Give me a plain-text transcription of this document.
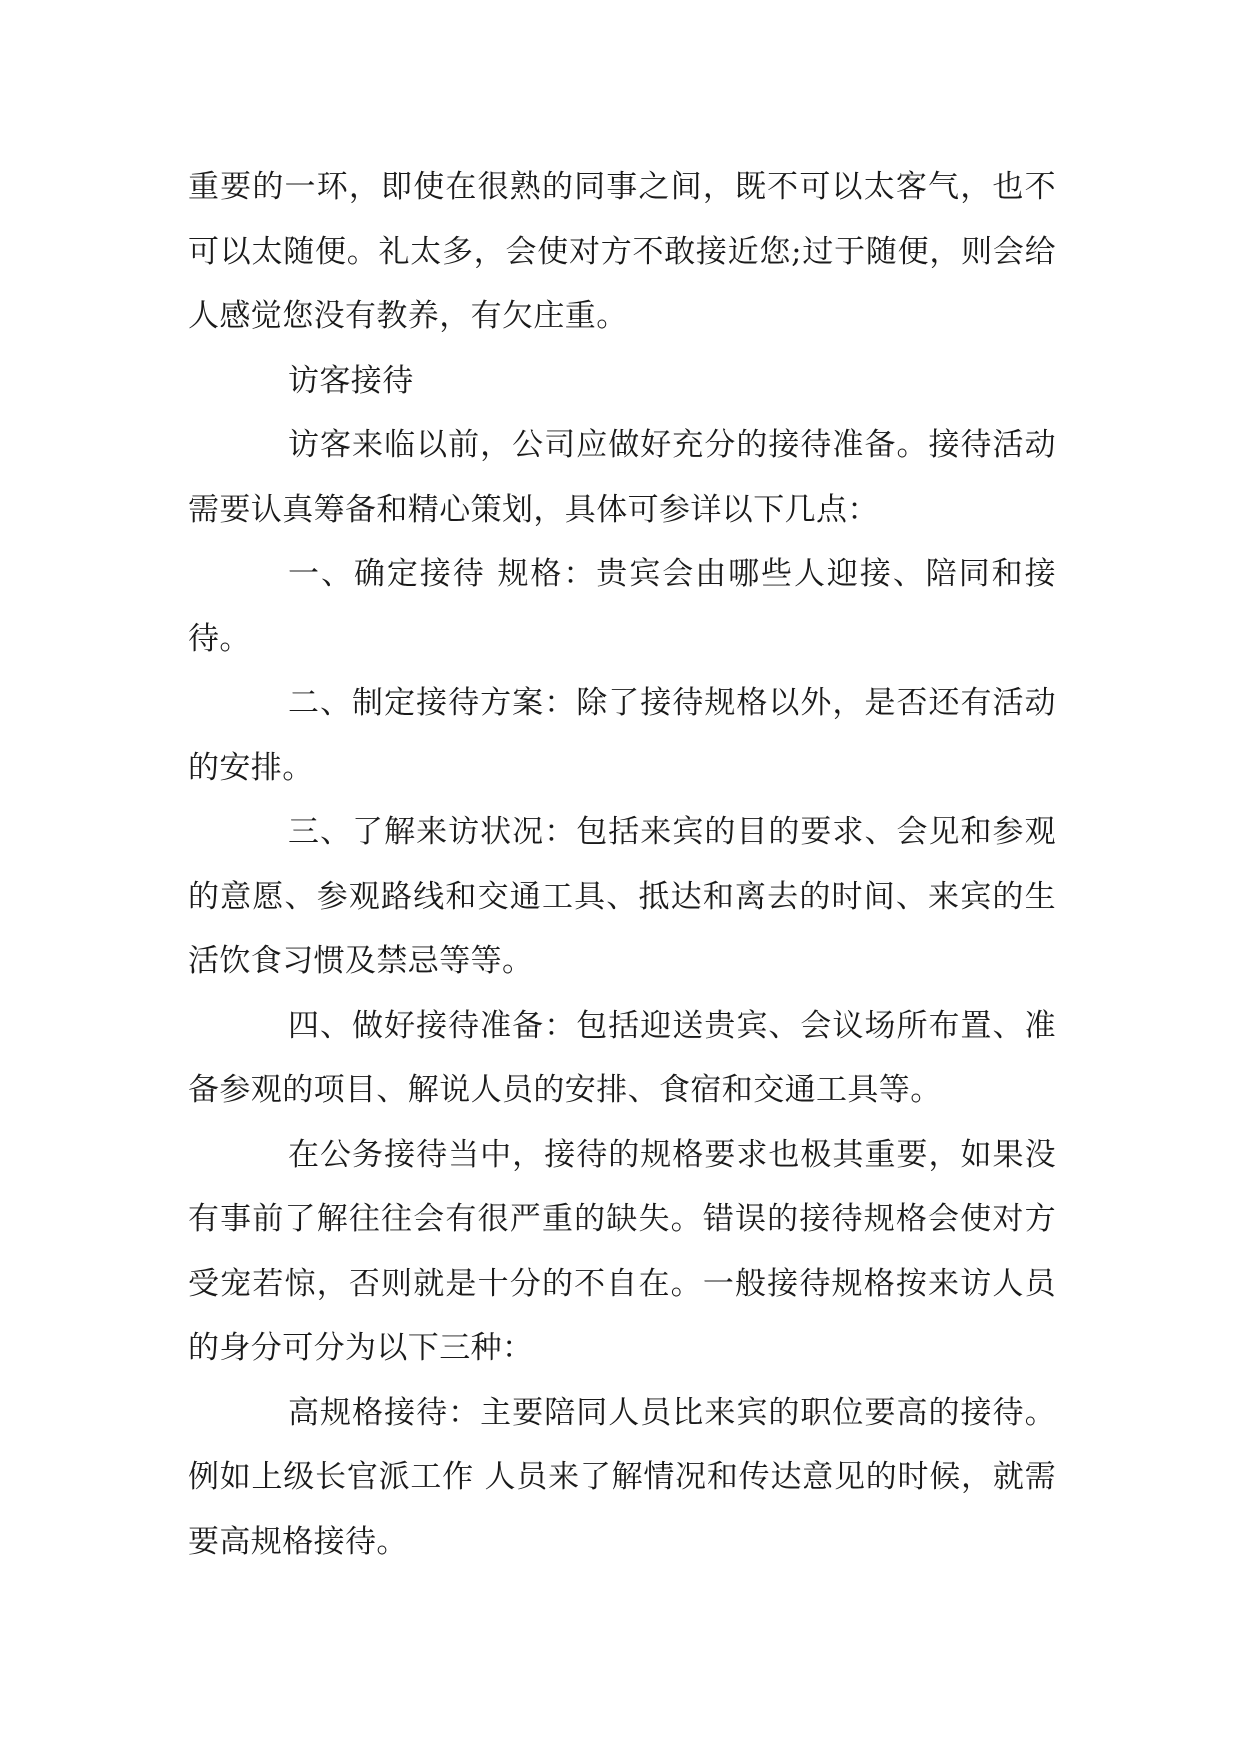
重要的一环，即使在很熟的同事之间，既不可以太客气，也不可以太随便。礼太多，会使对方不敢接近您;过于随便，则会给人感觉您没有教养，有欠庄重。

访客接待

访客来临以前，公司应做好充分的接待准备。接待活动需要认真筹备和精心策划，具体可参详以下几点：

一、确定接待 规格：贵宾会由哪些人迎接、陪同和接待。

二、制定接待方案：除了接待规格以外，是否还有活动的安排。

三、了解来访状况：包括来宾的目的要求、会见和参观的意愿、参观路线和交通工具、抵达和离去的时间、来宾的生活饮食习惯及禁忌等等。

四、做好接待准备：包括迎送贵宾、会议场所布置、准备参观的项目、解说人员的安排、食宿和交通工具等。

在公务接待当中，接待的规格要求也极其重要，如果没有事前了解往往会有很严重的缺失。错误的接待规格会使对方受宠若惊，否则就是十分的不自在。一般接待规格按来访人员的身分可分为以下三种：

高规格接待：主要陪同人员比来宾的职位要高的接待。例如上级长官派工作 人员来了解情况和传达意见的时候，就需要高规格接待。
